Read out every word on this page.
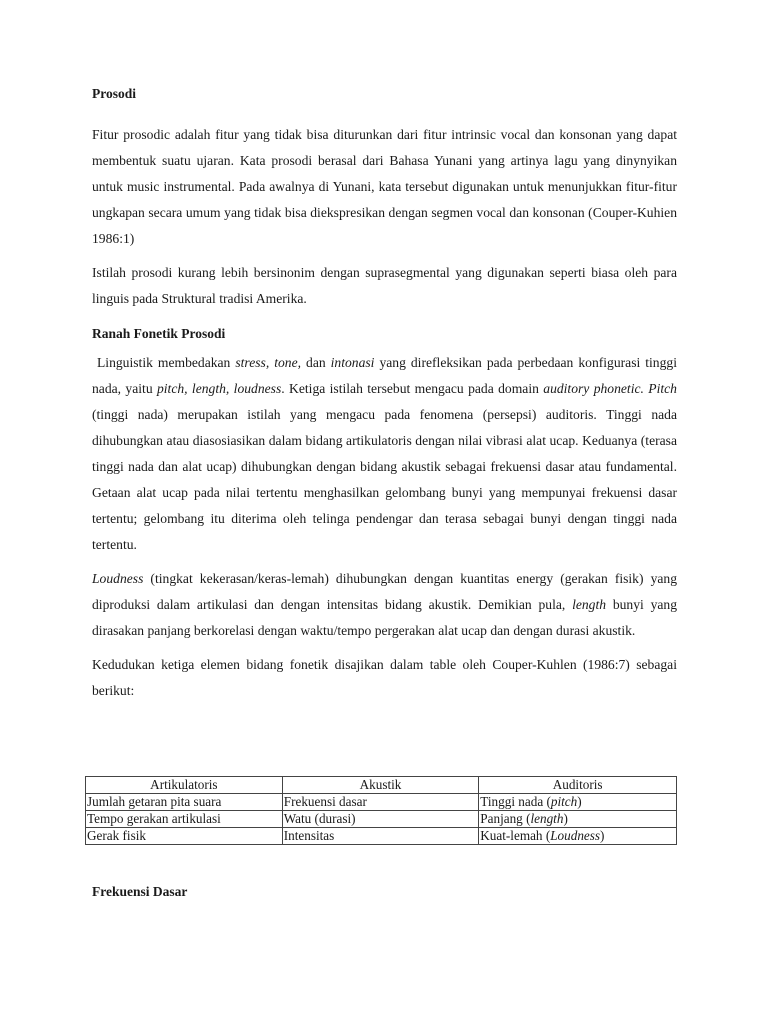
Prosodi

Fitur prosodic adalah fitur yang tidak bisa diturunkan dari fitur intrinsic vocal dan konsonan yang dapat membentuk suatu ujaran. Kata prosodi berasal dari Bahasa Yunani yang artinya lagu yang dinynyikan untuk music instrumental. Pada awalnya di Yunani, kata tersebut digunakan untuk menunjukkan fitur-fitur ungkapan secara umum yang tidak bisa diekspresikan dengan segmen vocal dan konsonan (Couper-Kuhien 1986:1)

Istilah prosodi kurang lebih bersinonim dengan suprasegmental yang digunakan seperti biasa oleh para linguis pada Struktural tradisi Amerika.

Ranah Fonetik Prosodi

Linguistik membedakan stress, tone, dan intonasi yang direfleksikan pada perbedaan konfigurasi tinggi nada, yaitu pitch, length, loudness. Ketiga istilah tersebut mengacu pada domain auditory phonetic. Pitch (tinggi nada) merupakan istilah yang mengacu pada fenomena (persepsi) auditoris. Tinggi nada dihubungkan atau diasosiasikan dalam bidang artikulatoris dengan nilai vibrasi alat ucap. Keduanya (terasa tinggi nada dan alat ucap) dihubungkan dengan bidang akustik sebagai frekuensi dasar atau fundamental. Getaan alat ucap pada nilai tertentu menghasilkan gelombang bunyi yang mempunyai frekuensi dasar tertentu; gelombang itu diterima oleh telinga pendengar dan terasa sebagai bunyi dengan tinggi nada tertentu.

Loudness (tingkat kekerasan/keras-lemah) dihubungkan dengan kuantitas energy (gerakan fisik) yang diproduksi dalam artikulasi dan dengan intensitas bidang akustik. Demikian pula, length bunyi yang dirasakan panjang berkorelasi dengan waktu/tempo pergerakan alat ucap dan dengan durasi akustik.

Kedudukan ketiga elemen bidang fonetik disajikan dalam table oleh Couper-Kuhlen (1986:7) sebagai berikut:

Artikulatoris	Akustik	Auditoris
Jumlah getaran pita suara	Frekuensi dasar	Tinggi nada (pitch)
Tempo gerakan artikulasi	Watu (durasi)	Panjang (length)
Gerak fisik	Intensitas	Kuat-lemah (Loudness)

Frekuensi Dasar
